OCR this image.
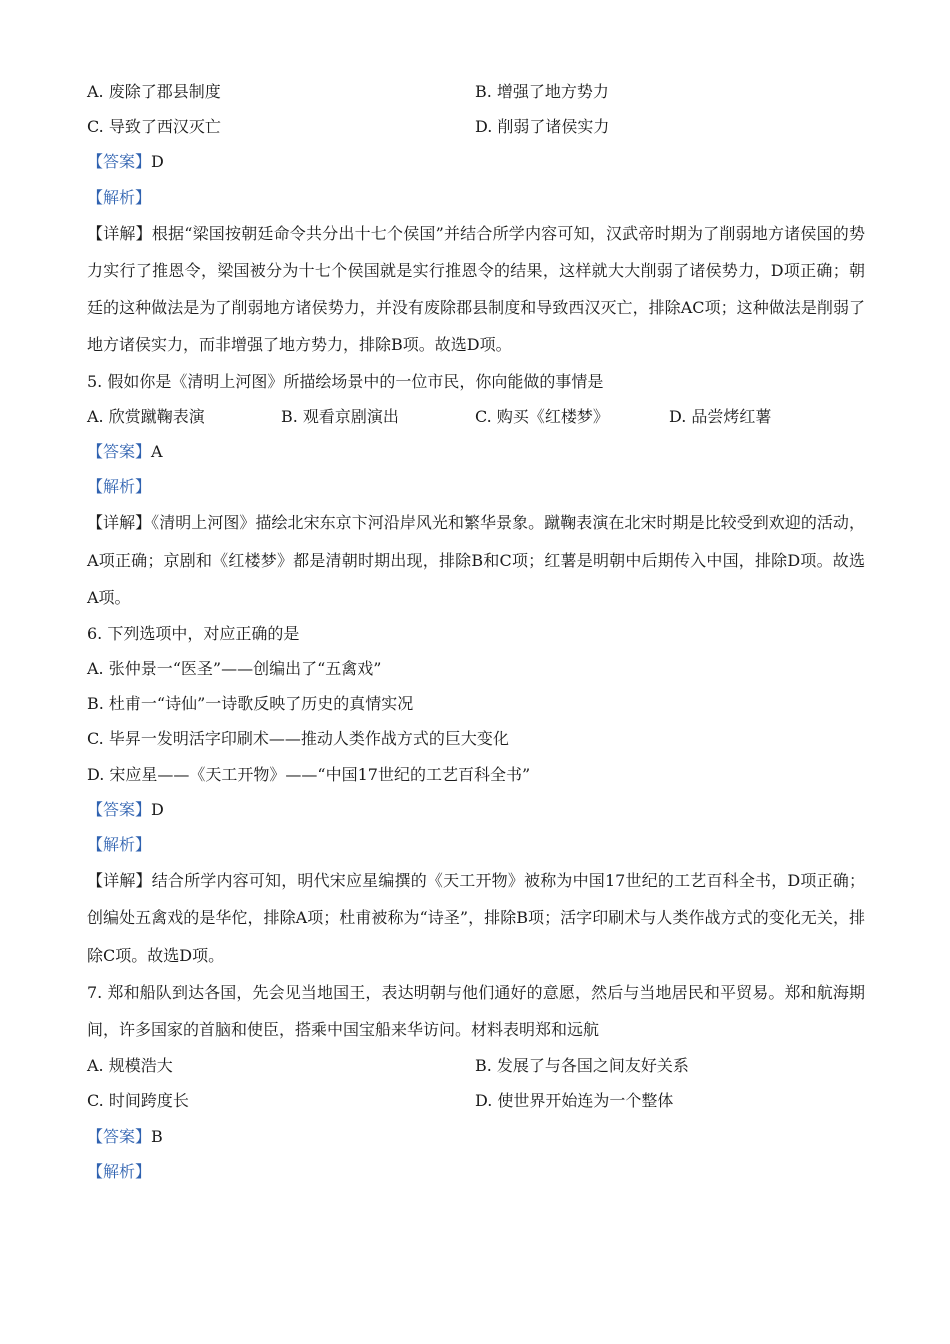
A. 废除了郡县制度	B. 增强了地方势力
C. 导致了西汉灭亡	D. 削弱了诸侯实力
【答案】D
【解析】
【详解】根据“梁国按朝廷命令共分出十七个侯国”并结合所学内容可知，汉武帝时期为了削弱地方诸侯国的势力实行了推恩令，梁国被分为十七个侯国就是实行推恩令的结果，这样就大大削弱了诸侯势力，D项正确；朝廷的这种做法是为了削弱地方诸侯势力，并没有废除郡县制度和导致西汉灭亡，排除AC项；这种做法是削弱了地方诸侯实力，而非增强了地方势力，排除B项。故选D项。
5. 假如你是《清明上河图》所描绘场景中的一位市民，你向能做的事情是
A. 欣赏蹴鞠表演	B. 观看京剧演出	C. 购买《红楼梦》	D. 品尝烤红薯
【答案】A
【解析】
【详解】《清明上河图》描绘北宋东京卞河沿岸风光和繁华景象。蹴鞠表演在北宋时期是比较受到欢迎的活动，A项正确；京剧和《红楼梦》都是清朝时期出现，排除B和C项；红薯是明朝中后期传入中国，排除D项。故选A项。
6. 下列选项中，对应正确的是
A. 张仲景一“医圣”——创编出了“五禽戏”
B. 杜甫一“诗仙”一诗歌反映了历史的真情实况
C. 毕昇一发明活字印刷术——推动人类作战方式的巨大变化
D. 宋应星——《天工开物》——“中国17世纪的工艺百科全书”
【答案】D
【解析】
【详解】结合所学内容可知，明代宋应星编撰的《天工开物》被称为中国17世纪的工艺百科全书，D项正确；创编处五禽戏的是华佗，排除A项；杜甫被称为“诗圣”，排除B项；活字印刷术与人类作战方式的变化无关，排除C项。故选D项。
7. 郑和船队到达各国，先会见当地国王，表达明朝与他们通好的意愿，然后与当地居民和平贸易。郑和航海期间，许多国家的首脑和使臣，搭乘中国宝船来华访问。材料表明郑和远航
A. 规模浩大	B. 发展了与各国之间友好关系
C. 时间跨度长	D. 使世界开始连为一个整体
【答案】B
【解析】
